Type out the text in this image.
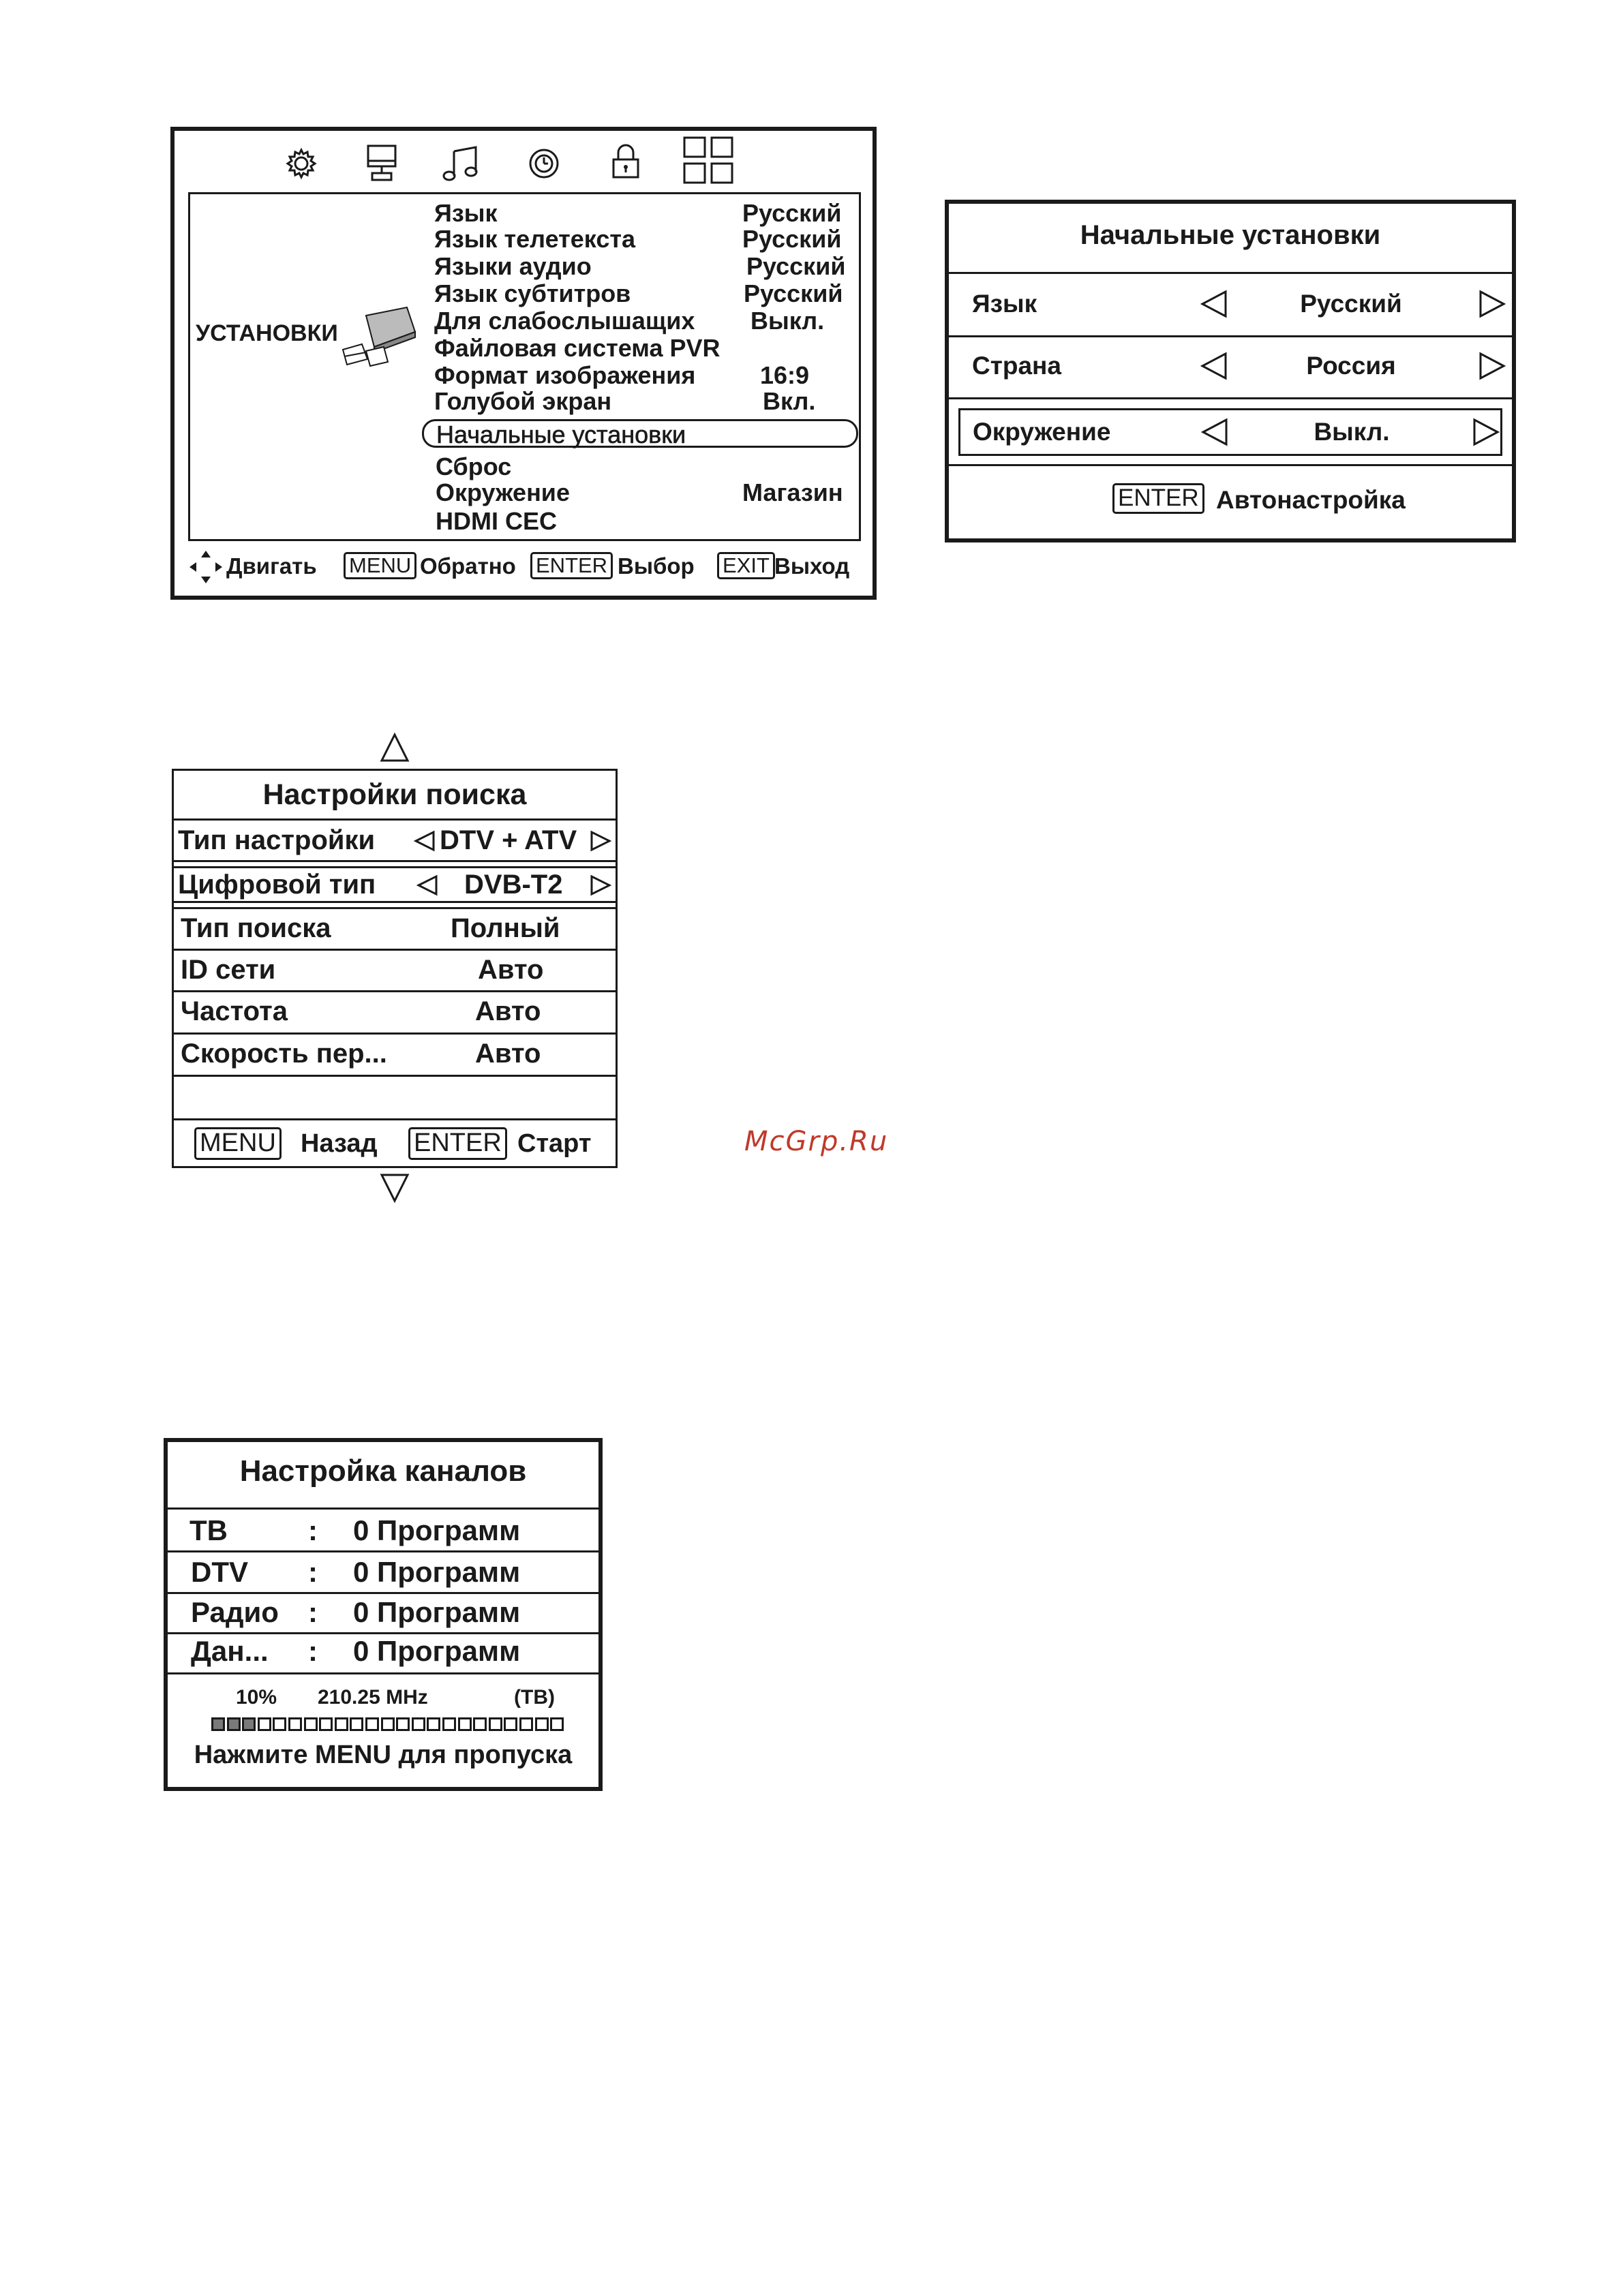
УСТАНОВКИ
Язык	Русский
Язык телетекста	Русский
Языки аудио	Русский
Язык субтитров	Русский
Для слабослышащих Выкл.
Файловая система PVR
Формат изображения	16:9
Голубой экран	Вкл.
Начальные установки
Сброс
Окружение	Магазин
HDMI CEC
Двигать MENU Обратно ENTER Выбор EXIT Выход
Начальные установки
Язык	Русский
Страна	Россия
Окружение	Выкл.
ENTER Автонастройка
Настройки поиска
Тип настройки DTV + ATV
Цифровой тип	DVB-T2
Тип поиска	Полный
ID сети	Авто
Частота	Авто
Скорость пер...	Авто
MENU Назад ENTER Старт	McGrp.Ru
Настройка каналов
ТВ	: 0 Программ
DTV : 0 Программ
Радио : 0 Программ
Дан... : 0 Программ
10% 210.25 MHz	(ТВ)
Нажмите MENU для пропуска
